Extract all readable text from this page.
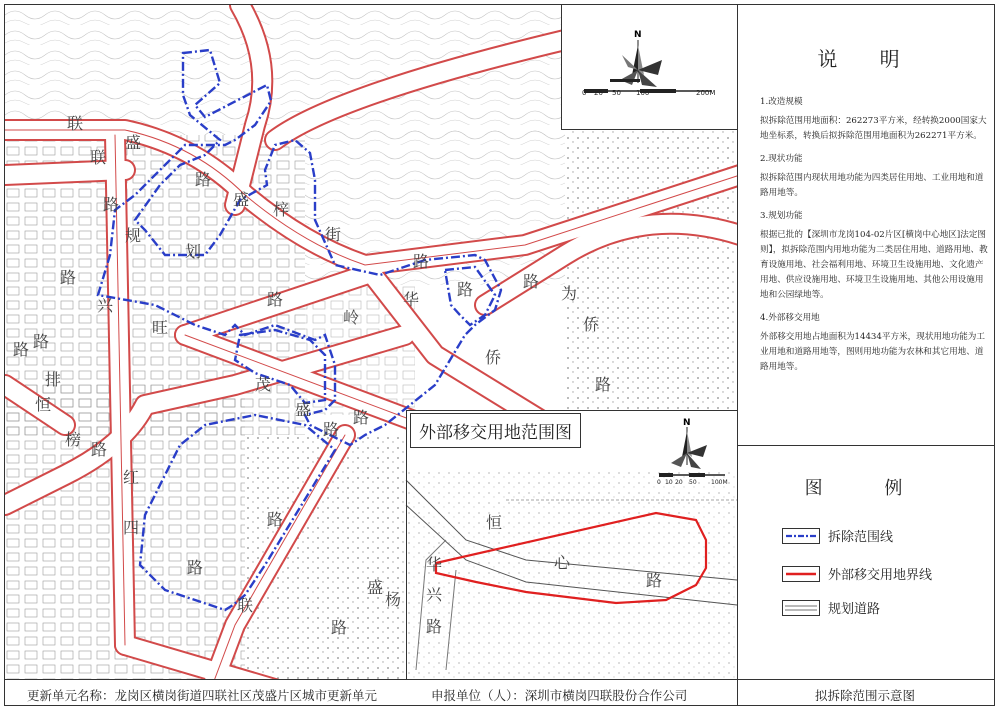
联
盛
路
联
路
规
划
路
兴
旺
路
岭
盛
街
华
路
侨
路
为
侨
路
茂
盛
路
排
榜
路
红
四
路
联
路
路
盛
路
杨
路
恒
路
梓
路
恒
心
路
华
兴
路
N
0 20 50 100	200M
说 明
1.改造规模
拟拆除范围用地面积：262273平方米，经转换2000国家大地坐标系，转换后拟拆除范围用地面积为262271平方米。
2.现状功能
拟拆除范围内现状用地功能为四类居住用地、工业用地和道路用地等。
3.规划功能
根据已批的【深圳市龙岗104-02片区[横岗中心地区]法定图则】，拟拆除范围内用地功能为二类居住用地、道路用地、教育设施用地、社会福利用地、环境卫生设施用地、文化遗产用地、供应设施用地、环境卫生设施用地、其他公用设施用地和公园绿地等。
4.外部移交用地
外部移交用地占地面积为14434平方米，现状用地功能为工业用地和道路用地等，图则用地功能为农林和其它用地、道路用地等。
图 例
拆除范围线
外部移交用地界线
规划道路
外部移交用地范围图	N
0 10 20 50 100M
更新单元名称：龙岗区横岗街道四联社区茂盛片区城市更新单元	申报单位（人）：深圳市横岗四联股份合作公司	拟拆除范围示意图
